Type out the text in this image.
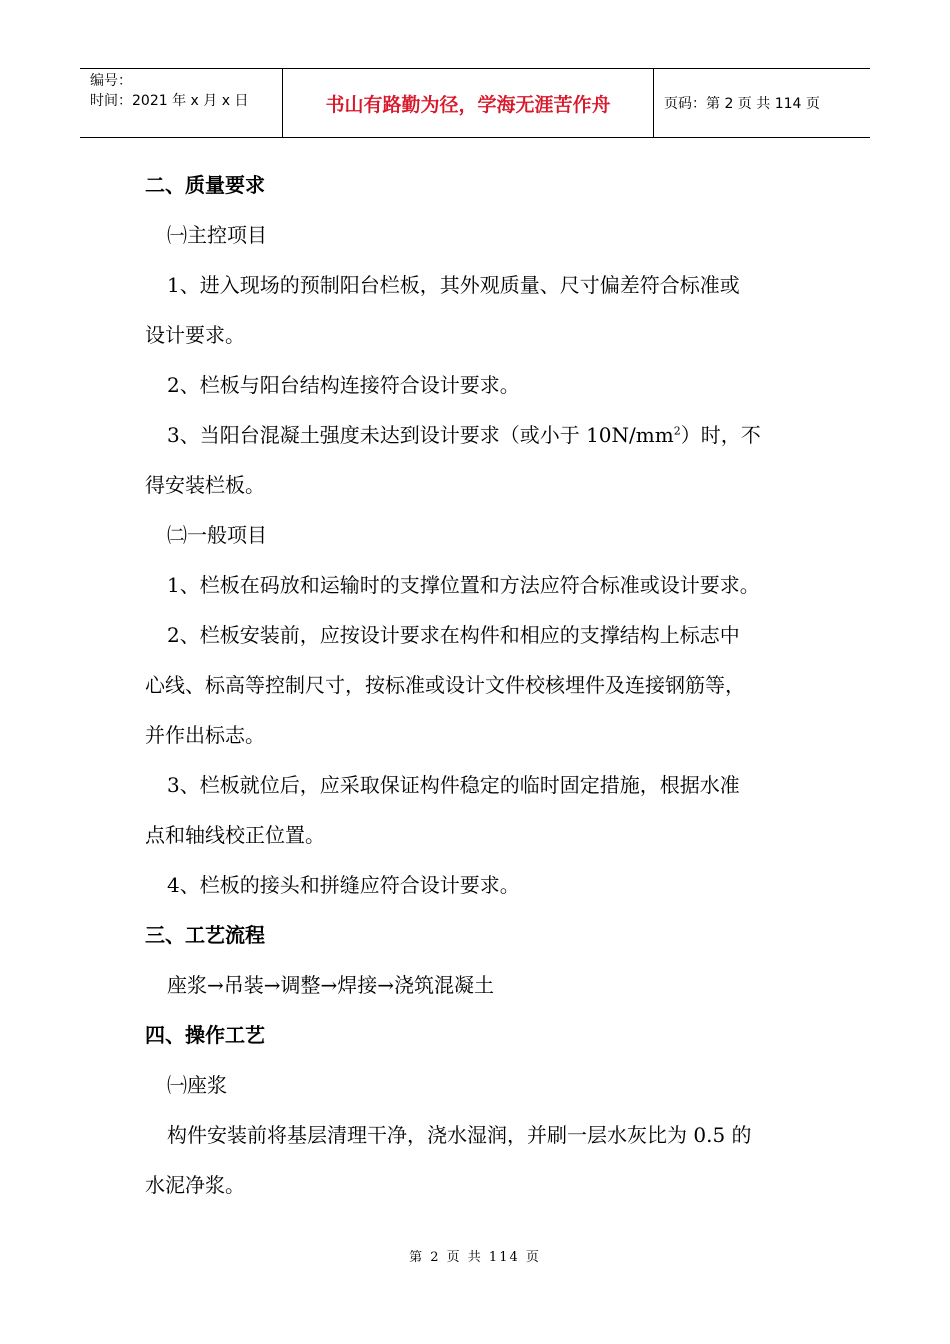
编号：
时间：2021 年 x 月 x 日	书山有路勤为径，学海无涯苦作舟	页码：第 2 页 共 114 页

二、质量要求

㈠主控项目

1、进入现场的预制阳台栏板，其外观质量、尺寸偏差符合标准或

设计要求。

2、栏板与阳台结构连接符合设计要求。

3、当阳台混凝土强度未达到设计要求（或小于 $10N/mm^2$）时，不

得安装栏板。

㈡一般项目

1、栏板在码放和运输时的支撑位置和方法应符合标准或设计要求。

2、栏板安装前，应按设计要求在构件和相应的支撑结构上标志中

心线、标高等控制尺寸，按标准或设计文件校核埋件及连接钢筋等，

并作出标志。

3、栏板就位后，应采取保证构件稳定的临时固定措施，根据水准

点和轴线校正位置。

4、栏板的接头和拼缝应符合设计要求。

三、工艺流程

座浆→吊装→调整→焊接→浇筑混凝土

四、操作工艺

㈠座浆

构件安装前将基层清理干净，浇水湿润，并刷一层水灰比为 0.5 的

水泥净浆。

第 2 页 共 114 页
